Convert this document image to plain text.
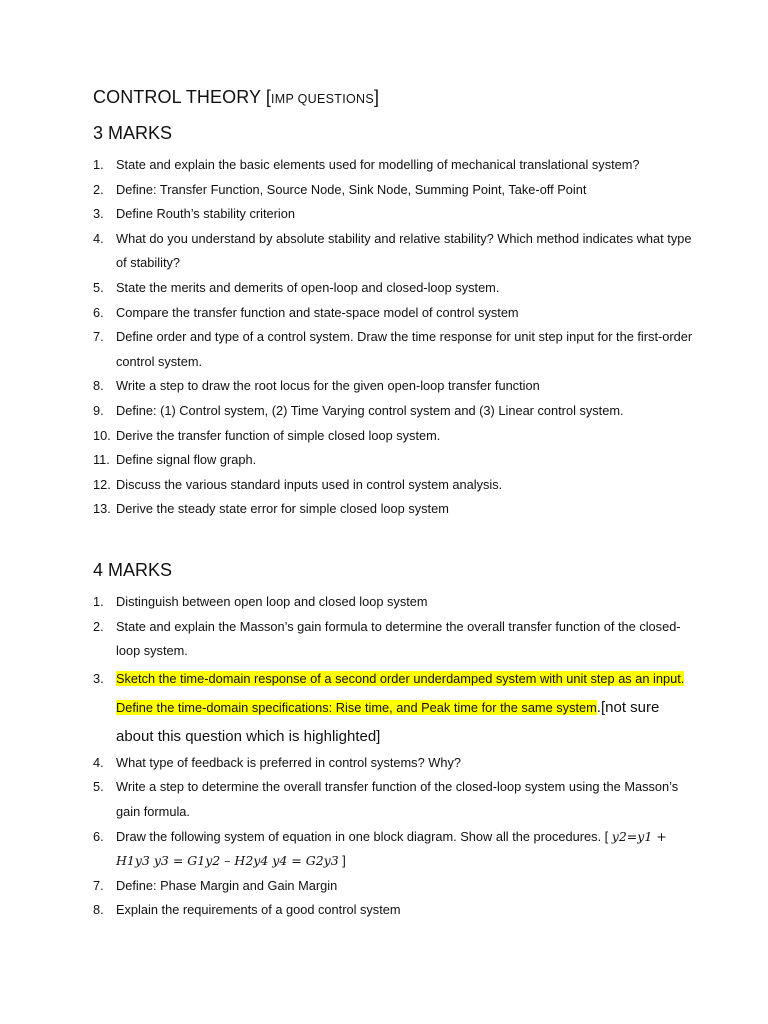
CONTROL THEORY [IMP QUESTIONS]
3 MARKS
1. State and explain the basic elements used for modelling of mechanical translational system?
2. Define: Transfer Function, Source Node, Sink Node, Summing Point, Take-off Point
3. Define Routh’s stability criterion
4. What do you understand by absolute stability and relative stability? Which method indicates what type of stability?
5. State the merits and demerits of open-loop and closed-loop system.
6. Compare the transfer function and state-space model of control system
7. Define order and type of a control system. Draw the time response for unit step input for the first-order control system.
8. Write a step to draw the root locus for the given open-loop transfer function
9. Define: (1) Control system, (2) Time Varying control system and (3) Linear control system.
10. Derive the transfer function of simple closed loop system.
11. Define signal flow graph.
12. Discuss the various standard inputs used in control system analysis.
13. Derive the steady state error for simple closed loop system
4 MARKS
1. Distinguish between open loop and closed loop system
2. State and explain the Masson’s gain formula to determine the overall transfer function of the closed-loop system.
3. Sketch the time-domain response of a second order underdamped system with unit step as an input. Define the time-domain specifications: Rise time, and Peak time for the same system.[not sure about this question which is highlighted]
4. What type of feedback is preferred in control systems? Why?
5. Write a step to determine the overall transfer function of the closed-loop system using the Masson’s gain formula.
6. Draw the following system of equation in one block diagram. Show all the procedures. [ y2=y1 + H1y3 y3 = G1y2 – H2y4 y4 = G2y3 ]
7. Define: Phase Margin and Gain Margin
8. Explain the requirements of a good control system
